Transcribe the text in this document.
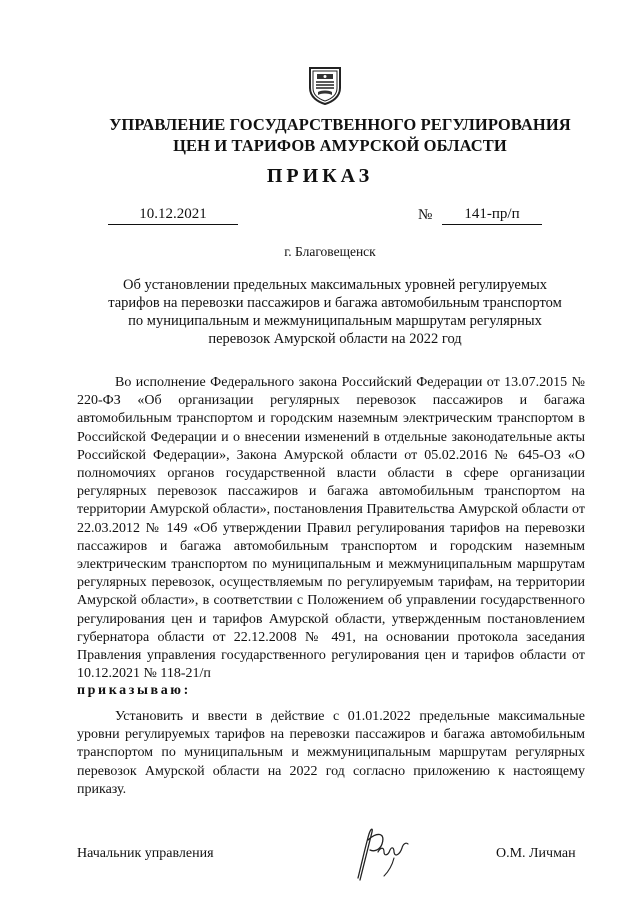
УПРАВЛЕНИЕ ГОСУДАРСТВЕННОГО РЕГУЛИРОВАНИЯ
ЦЕН И ТАРИФОВ АМУРСКОЙ ОБЛАСТИ
ПРИКАЗ
10.12.2021	№	141-пр/п
г. Благовещенск
Об установлении предельных максимальных уровней регулируемых тарифов на перевозки пассажиров и багажа автомобильным транспортом по муниципальным и межмуниципальным маршрутам регулярных перевозок Амурской области на 2022 год

Во исполнение Федерального закона Российский Федерации от 13.07.2015 № 220-ФЗ «Об организации регулярных перевозок пассажиров и багажа автомобильным транспортом и городским наземным электрическим транспортом в Российской Федерации и о внесении изменений в отдельные законодательные акты Российской Федерации», Закона Амурской области от 05.02.2016 № 645-ОЗ «О полномочиях органов государственной власти области в сфере организации регулярных перевозок пассажиров и багажа автомобильным транспортом на территории Амурской области», постановления Правительства Амурской области от 22.03.2012 № 149 «Об утверждении Правил регулирования тарифов на перевозки пассажиров и багажа автомобильным транспортом и городским наземным электрическим транспортом по муниципальным и межмуниципальным маршрутам регулярных перевозок, осуществляемым по регулируемым тарифам, на территории Амурской области», в соответствии с Положением об управлении государственного регулирования цен и тарифов Амурской области, утвержденным постановлением губернатора области от 22.12.2008 № 491, на основании протокола заседания Правления управления государственного регулирования цен и тарифов области от 10.12.2021 № 118-21/п

приказываю:

Установить и ввести в действие с 01.01.2022 предельные максимальные уровни регулируемых тарифов на перевозки пассажиров и багажа автомобильным транспортом по муниципальным и межмуниципальным маршрутам регулярных перевозок Амурской области на 2022 год согласно приложению к настоящему приказу.

Начальник управления	О.М. Личман
